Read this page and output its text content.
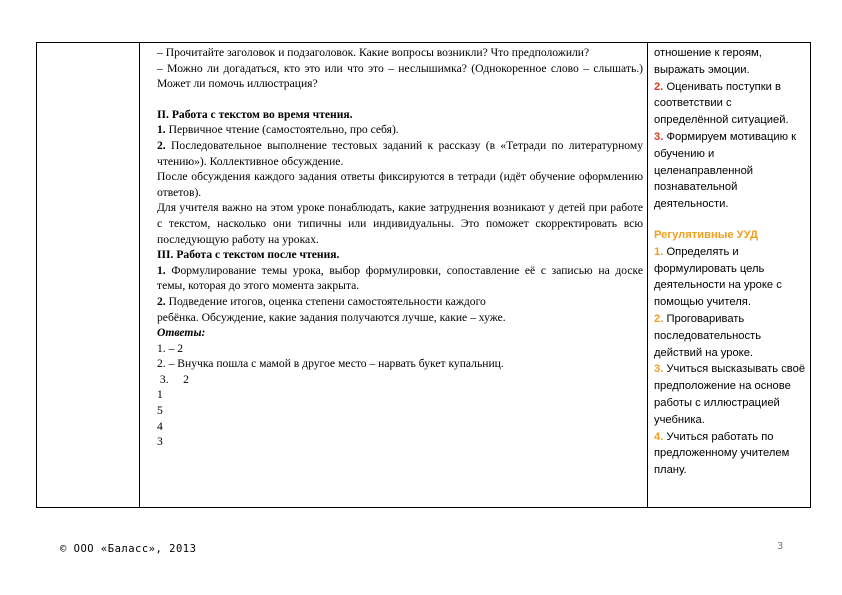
– Прочитайте заголовок и подзаголовок. Какие вопросы возникли? Что предположили?

– Можно ли догадаться, кто это или что это – неслышимка? (Однокоренное слово – слышать.) Может ли помочь иллюстрация?

II. Работа с текстом во время чтения.

1. Первичное чтение (самостоятельно, про себя).

2. Последовательное выполнение тестовых заданий к рассказу (в «Тетради по литературному чтению»). Коллективное обсуждение.

После обсуждения каждого задания ответы фиксируются в тетради (идёт обучение оформлению ответов).

Для учителя важно на этом уроке понаблюдать, какие затруднения возникают у детей при работе с текстом, насколько они типичны или индивидуальны. Это поможет скорректировать всю последующую работу на уроках.

III. Работа с текстом после чтения.

1. Формулирование темы урока, выбор формулировки, сопоставление её с записью на доске темы, которая до этого момента закрыта.

2. Подведение итогов, оценка степени самостоятельности каждого

ребёнка. Обсуждение, какие задания получаются лучше, какие – хуже.

Ответы:

1. – 2

2. – Внучка пошла с мамой в другое место – нарвать букет купальниц.

3.     2

1

5

4

3

отношение к героям, выражать эмоции.

2. Оценивать поступки в соответствии с определённой ситуацией.

3. Формируем мотивацию к обучению и целенаправленной познавательной деятельности.

Регулятивные УУД

1. Определять и формулировать цель деятельности на уроке с помощью учителя.

2. Проговаривать последовательность действий на уроке.

3. Учиться высказывать своё предположение на основе работы с иллюстрацией учебника.

4. Учиться работать по предложенному учителем плану.

© ООО «Баласс», 2013	3
